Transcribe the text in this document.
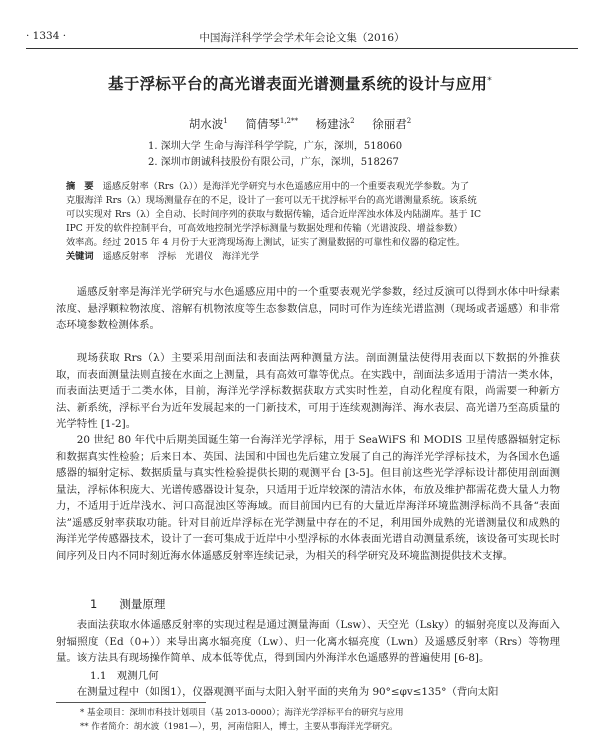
· 1334 ·	中国海洋科学学会学术年会论文集（2016）
基于浮标平台的高光谱表面光谱测量系统的设计与应用*
胡水波$^1$ 简倩琴$^{1,2**}$ 杨建泳$^2$ 徐丽君$^2$
1. 深圳大学 生命与海洋科学学院，广东，深圳，518060
2. 深圳市朗诚科技股份有限公司，广东，深圳，518267
摘　要　 遥感反射率（Rrs（λ））是海洋光学研究与水色遥感应用中的一个重要表观光学参数。为了
克服海洋 Rrs（λ）现场测量存在的不足，设计了一套可以无干扰浮标平台的高光谱测量系统。该系统
可以实现对 Rrs（λ）全自动、长时间序列的获取与数据传输，适合近岸浑浊水体及内陆湖库。基于 IC
IPC 开发的软件控制平台，可高效地控制光学浮标测量与数据处理和传输（光谱波段、增益参数）
效率高。经过 2015 年 4 月份于大亚湾现场海上测试，证实了测量数据的可靠性和仪器的稳定性。
关键词　 遥感反射率　浮标　光谱仪　海洋光学
遥感反射率是海洋光学研究与水色遥感应用中的一个重要表观光学参数，经过反演可以得到水体中叶绿素浓度、悬浮颗粒物浓度、溶解有机物浓度等生态参数信息，同时可作为连续光谱监测（现场或者遥感）和非常态环境参数检测体系。
现场获取 Rrs（λ）主要采用剖面法和表面法两种测量方法。剖面测量法使得用表面以下数据的外推获取，而表面测量法则直接在水面之上测量，具有高效可靠等优点。在实践中，剖面法多适用于清洁一类水体，而表面法更适于二类水体，目前，海洋光学浮标数据获取方式实时性差，自动化程度有限，尚需要一种新方法、新系统，浮标平台为近年发展起来的一门新技术，可用于连续观测海洋、海水表层、高光谱乃至高质量的光学特性 [1-2]。
20 世纪 80 年代中后期美国诞生第一台海洋光学浮标，用于 SeaWiFS 和 MODIS 卫星传感器辐射定标和数据真实性检验；后来日本、英国、法国和中国也先后建立发展了自己的海洋光学浮标技术，为各国水色遥感器的辐射定标、数据质量与真实性检验提供长期的观测平台 [3-5]。但目前这些光学浮标设计都使用剖面测量法，浮标体积庞大、光谱传感器设计复杂，只适用于近岸较深的清洁水体，布放及维护都需花费大量人力物力，不适用于近岸浅水、河口高混浊区等海域。而目前国内已有的大量近岸海洋环境监测浮标尚不具备“表面法”遥感反射率获取功能。针对目前近岸浮标在光学测量中存在的不足，利用国外成熟的光谱测量仪和成熟的海洋光学传感器技术，设计了一套可集成于近岸中小型浮标的水体表面光谱自动测量系统，该设备可实现长时间序列及日内不同时刻近海水体遥感反射率连续记录，为相关的科学研究及环境监测提供技术支撑。
1 测量原理
表面法获取水体遥感反射率的实现过程是通过测量海面（Lsw）、天空光（Lsky）的辐射亮度以及海面入射辐照度（Ed（0+））来导出离水辐亮度（Lw）、归一化离水辐亮度（Lwn）及遥感反射率（Rrs）等物理量。该方法具有现场操作简单、成本低等优点，得到国内外海洋水色遥感界的普遍使用 [6-8]。
1.1　 观测几何
在测量过程中（如图1），仪器观测平面与太阳入射平面的夹角为 90°≤φv≤135°（背向太阳
* 基金项目：深圳市科技计划项目（基 2013-0000）；海洋光学浮标平台的研究与应用
** 作者简介：胡水波（1981—），男，河南信阳人，博士，主要从事海洋光学研究。
